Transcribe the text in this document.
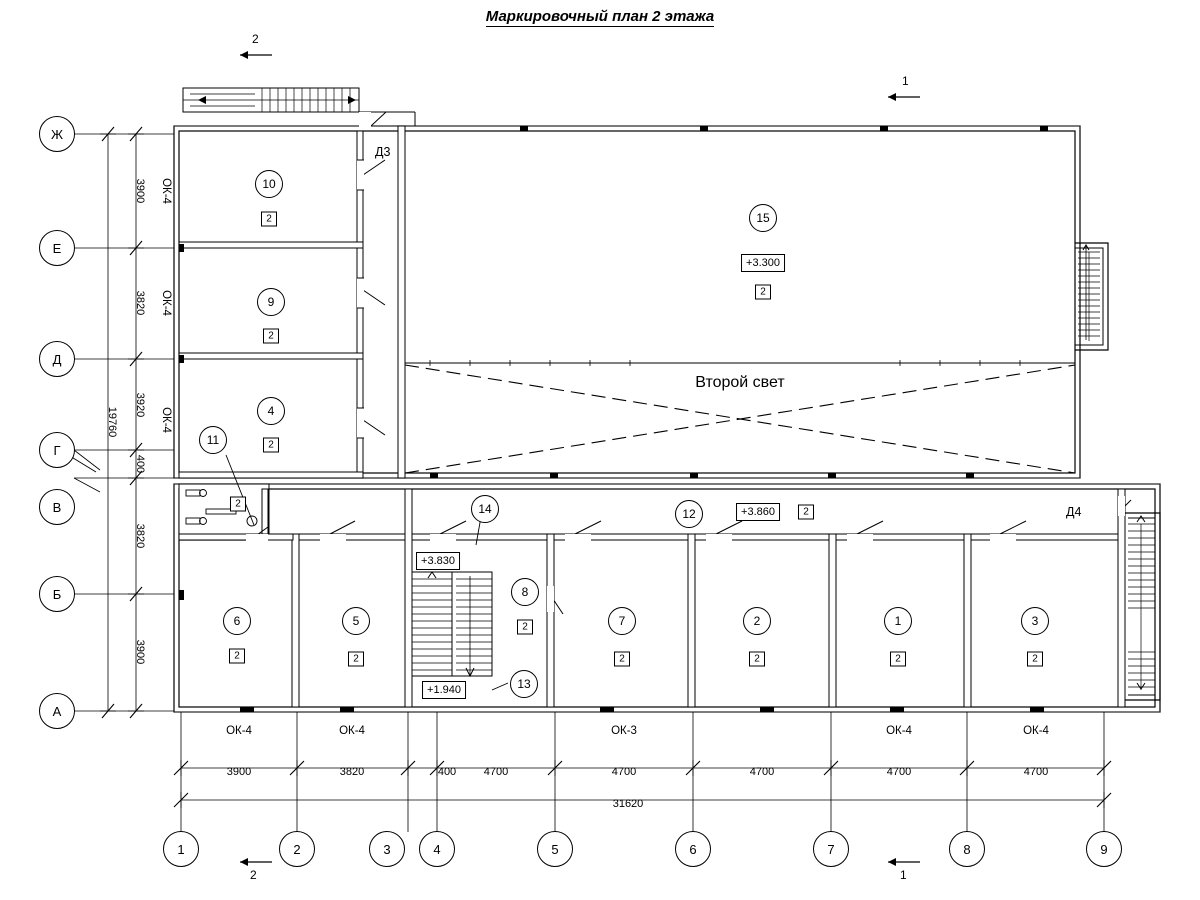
Маркировочный план 2 этажа
Ж
Е
Д
Г
В
Б
А
1	2	3	4	5	6	7	8	9
2
1
2	1
3900
3820
3920
400
3820
3900
19760
3900	3820	400	4700	4700	4700	4700	4700
31620
ОК-4
ОК-4
ОК-4
ОК-4	ОК-4	ОК-3	ОК-4	ОК-4
Д3
Д4
Второй свет
10
2
9
2
4
2
11
2
15
+3.300
2
12	+3.860	2
14
+3.830
13
+1.940
6
2
5
2
8
2	7
2
2
2
1
2
3
2
